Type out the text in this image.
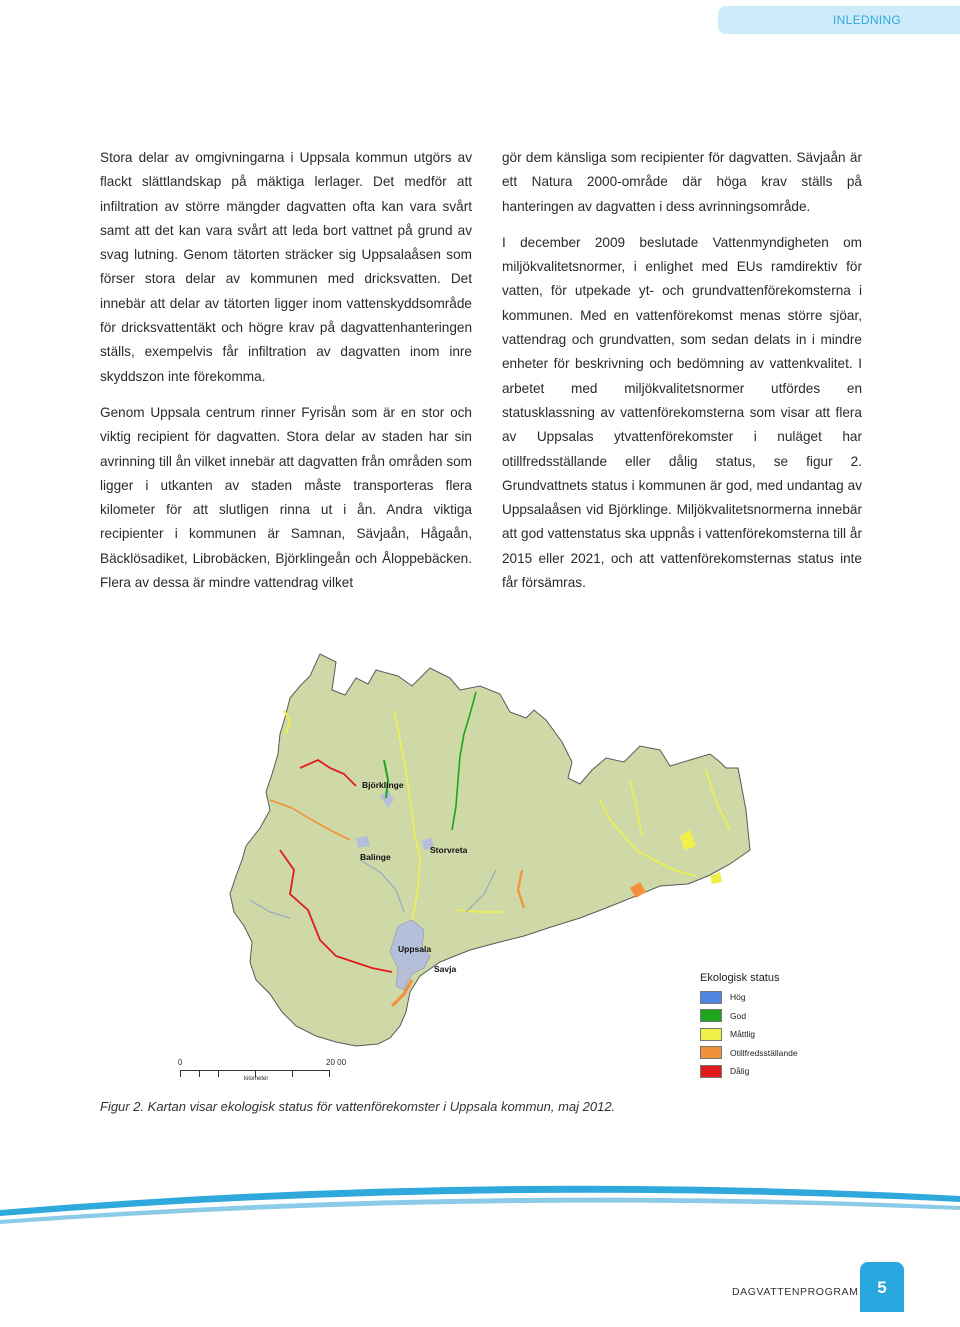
INLEDNING

Stora delar av omgivningarna i Uppsala kommun utgörs av flackt slättlandskap på mäktiga lerlager. Det medför att infiltration av större mängder dagvatten ofta kan vara svårt samt att det kan vara svårt att leda bort vattnet på grund av svag lutning. Genom tätorten sträcker sig Uppsalaåsen som förser stora delar av kommunen med dricksvatten. Det innebär att delar av tätorten ligger inom vattenskyddsområde för dricksvattentäkt och högre krav på dagvattenhanteringen ställs, exempelvis får infiltration av dagvatten inom inre skyddszon inte förekomma.

Genom Uppsala centrum rinner Fyrisån som är en stor och viktig recipient för dagvatten. Stora delar av staden har sin avrinning till ån vilket innebär att dagvatten från områden som ligger i utkanten av staden måste transporteras flera kilometer för att slutligen rinna ut i ån. Andra viktiga recipienter i kommunen är Samnan, Sävjaån, Hågaån, Bäcklösadiket, Librobäcken, Björklingeån och Åloppebäcken. Flera av dessa är mindre vattendrag vilket

gör dem känsliga som recipienter för dagvatten. Sävjaån är ett Natura 2000-område där höga krav ställs på hanteringen av dagvatten i dess avrinningsområde.

I december 2009 beslutade Vattenmyndigheten om miljökvalitetsnormer, i enlighet med EUs ramdirektiv för vatten, för utpekade yt- och grundvattenförekomsterna i kommunen. Med en vattenförekomst menas större sjöar, vattendrag och grundvatten, som sedan delats in i mindre enheter för beskrivning och bedömning av vattenkvalitet. I arbetet med miljökvalitetsnormer utfördes en statusklassning av vattenförekomsterna som visar att flera av Uppsalas ytvattenförekomster i nuläget har otillfredsställande eller dålig status, se figur 2. Grundvattnets status i kommunen är god, med undantag av Uppsalaåsen vid Björklinge. Miljökvalitetsnormerna innebär att god vattenstatus ska uppnås i vattenförekomsterna till år 2015 eller 2021, och att vattenförekomsternas status inte får försämras.

Björklinge
Storvreta
Balinge
Uppsala
Savja
Ekologisk status
Hög
God
Måttlig
Otillfredsställande
Dålig
0	20 00
kilometer
Figur 2. Kartan visar ekologisk status för vattenförekomster i Uppsala kommun, maj 2012.
DAGVATTENPROGRAM	5
